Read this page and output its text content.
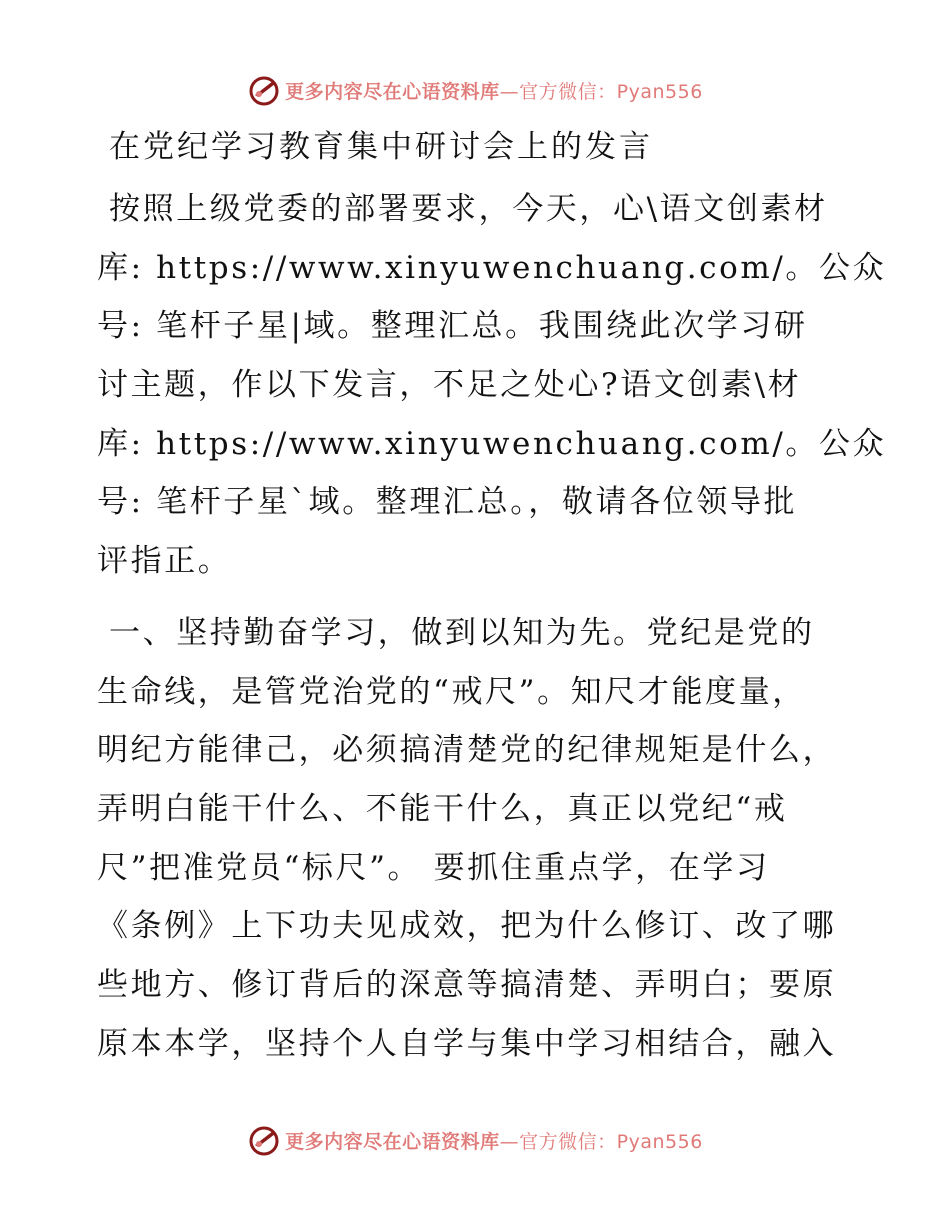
更多内容尽在心语资料库—官方微信：Pyan556
在党纪学习教育集中研讨会上的发言

按照上级党委的部署要求，今天，心\语文创素材
库: https://www.xinyuwenchuang.com/。公众
号: 笔杆子星|域。整理汇总。我围绕此次学习研
讨主题，作以下发言，不足之处心?语文创素\材
库: https://www.xinyuwenchuang.com/。公众
号: 笔杆子星`域。整理汇总。，敬请各位领导批
评指正。

一、坚持勤奋学习，做到以知为先。党纪是党的
生命线，是管党治党的“戒尺”。知尺才能度量，
明纪方能律己，必须搞清楚党的纪律规矩是什么，
弄明白能干什么、不能干什么，真正以党纪“戒
尺”把准党员“标尺”。 要抓住重点学，在学习
《条例》上下功夫见成效，把为什么修订、改了哪
些地方、修订背后的深意等搞清楚、弄明白；要原
原本本学，坚持个人自学与集中学习相结合，融入

更多内容尽在心语资料库—官方微信：Pyan556
